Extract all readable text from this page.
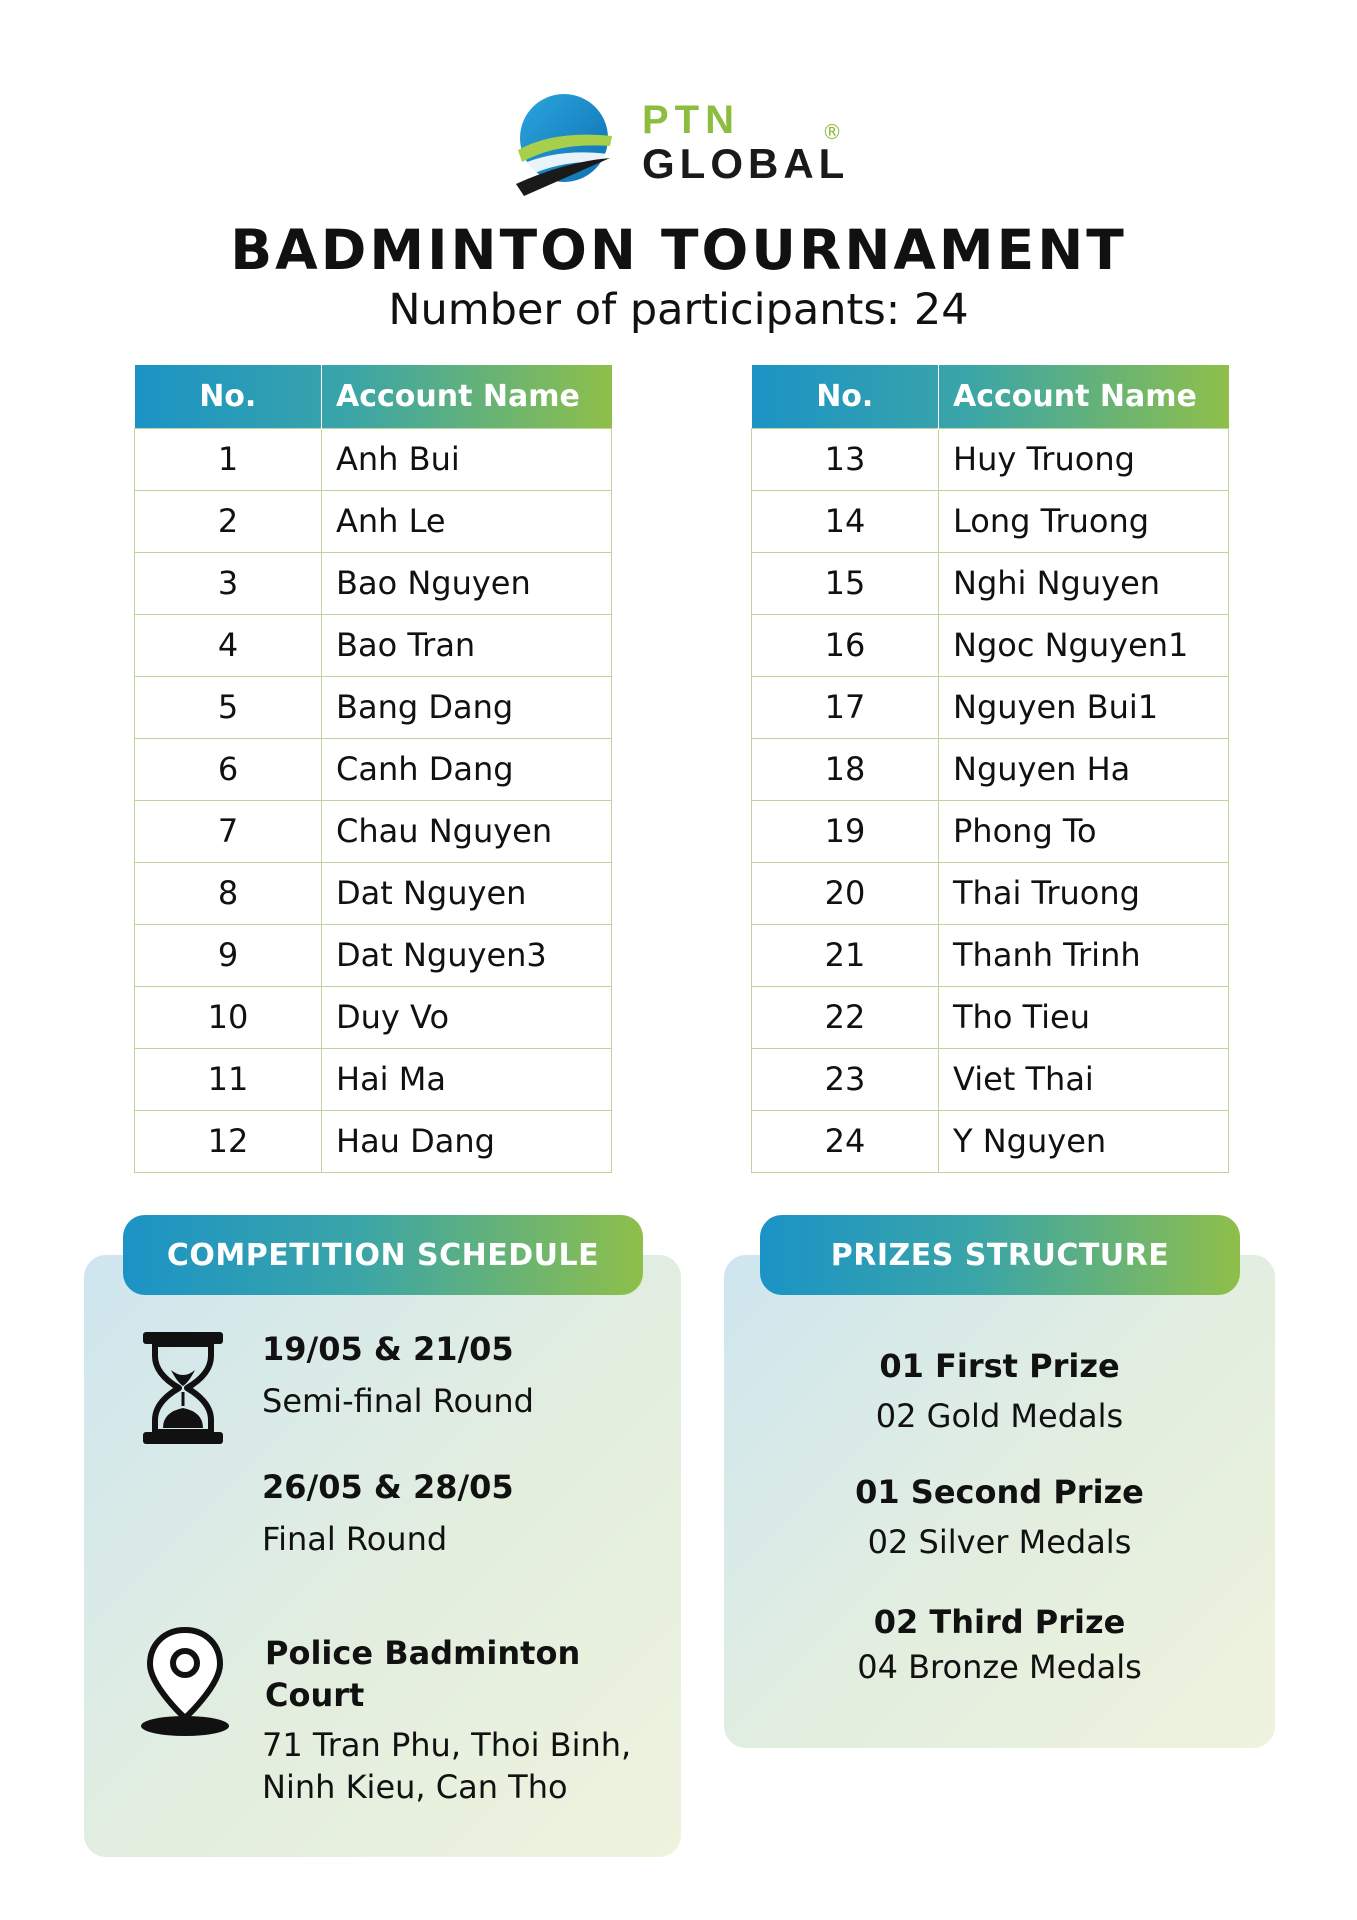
PTN
GLOBAL
®
BADMINTON TOURNAMENT
Number of participants: 24
No.	Account Name
1	Anh Bui
2	Anh Le
3	Bao Nguyen
4	Bao Tran
5	Bang Dang
6	Canh Dang
7	Chau Nguyen
8	Dat Nguyen
9	Dat Nguyen3
10	Duy Vo
11	Hai Ma
12	Hau Dang
No.	Account Name
13	Huy Truong
14	Long Truong
15	Nghi Nguyen
16	Ngoc Nguyen1
17	Nguyen Bui1
18	Nguyen Ha
19	Phong To
20	Thai Truong
21	Thanh Trinh
22	Tho Tieu
23	Viet Thai
24	Y Nguyen
COMPETITION SCHEDULE
19/05 & 21/05
Semi-final Round
26/05 & 28/05
Final Round
Police Badminton Court
71 Tran Phu, Thoi Binh, Ninh Kieu, Can Tho
PRIZES STRUCTURE
01 First Prize
02 Gold Medals
01 Second Prize
02 Silver Medals
02 Third Prize
04 Bronze Medals
